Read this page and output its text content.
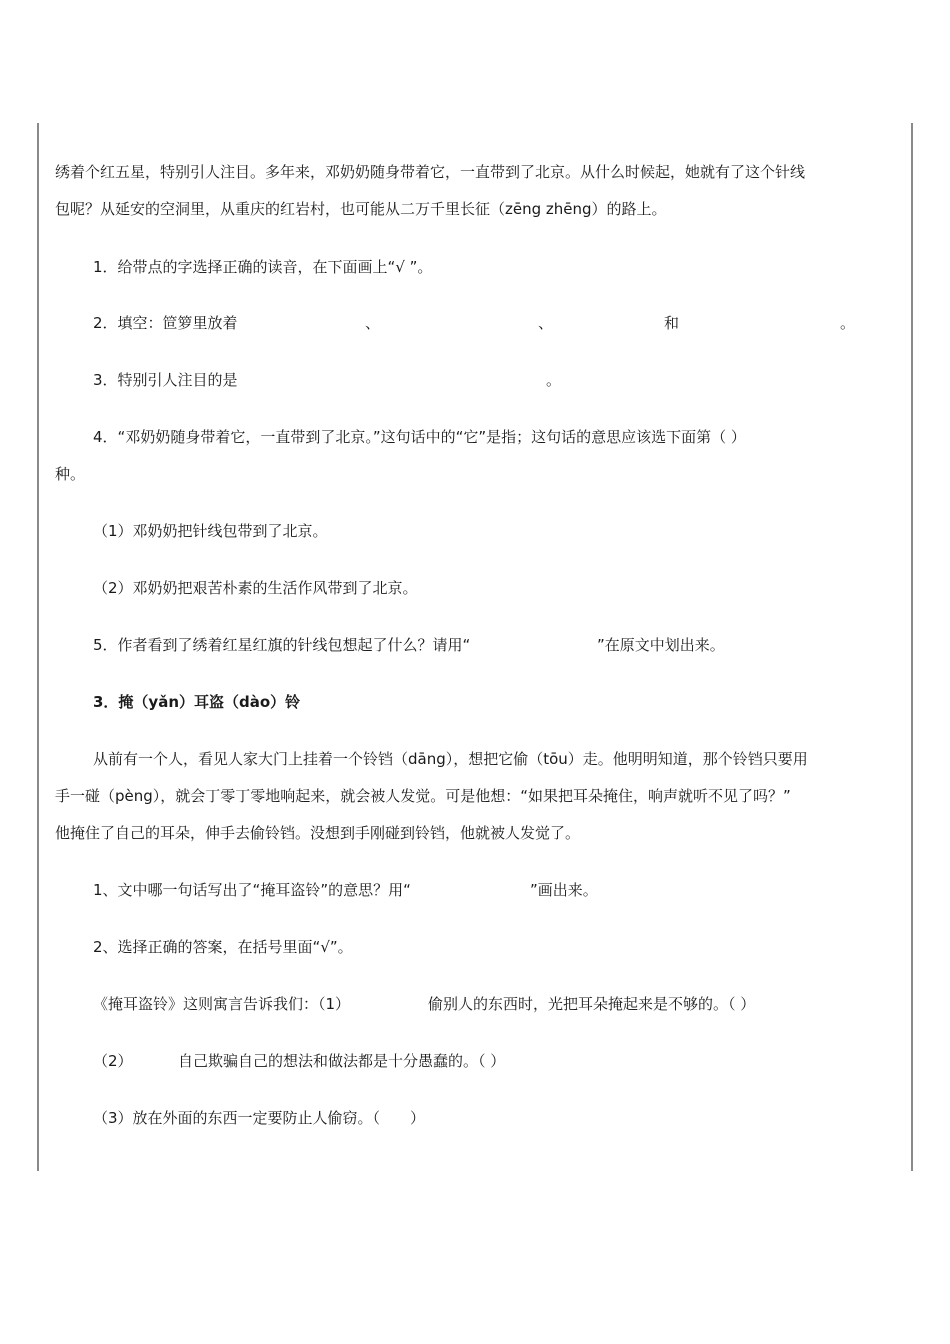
绣着个红五星，特别引人注目。多年来，邓奶奶随身带着它，一直带到了北京。从什么时候起，她就有了这个针线
包呢？从延安的空洞里，从重庆的红岩村，也可能从二万千里长征（zēng zhēng）的路上。
1．给带点的字选择正确的读音，在下面画上“√ ”。
2．填空：笸箩里放着	、	、	和	。
3．特别引人注目的是	。
4．“邓奶奶随身带着它，一直带到了北京。”这句话中的“它”是指；这句话的意思应该选下面第（ ）
种。
（1）邓奶奶把针线包带到了北京。
（2）邓奶奶把艰苦朴素的生活作风带到了北京。
5．作者看到了绣着红星红旗的针线包想起了什么？请用“	”在原文中划出来。
3．掩（yǎn）耳盗（dào）铃
从前有一个人，看见人家大门上挂着一个铃铛（dāng），想把它偷（tōu）走。他明明知道，那个铃铛只要用
手一碰（pèng），就会丁零丁零地响起来，就会被人发觉。可是他想：“如果把耳朵掩住，响声就听不见了吗？”
他掩住了自己的耳朵，伸手去偷铃铛。没想到手刚碰到铃铛，他就被人发觉了。
1、文中哪一句话写出了“掩耳盗铃”的意思？用“	”画出来。
2、选择正确的答案，在括号里面“√”。
《掩耳盗铃》这则寓言告诉我们：（1）	偷别人的东西时，光把耳朵掩起来是不够的。（ ）
（2）	自己欺骗自己的想法和做法都是十分愚蠢的。（ ）
（3）放在外面的东西一定要防止人偷窃。（　　）
